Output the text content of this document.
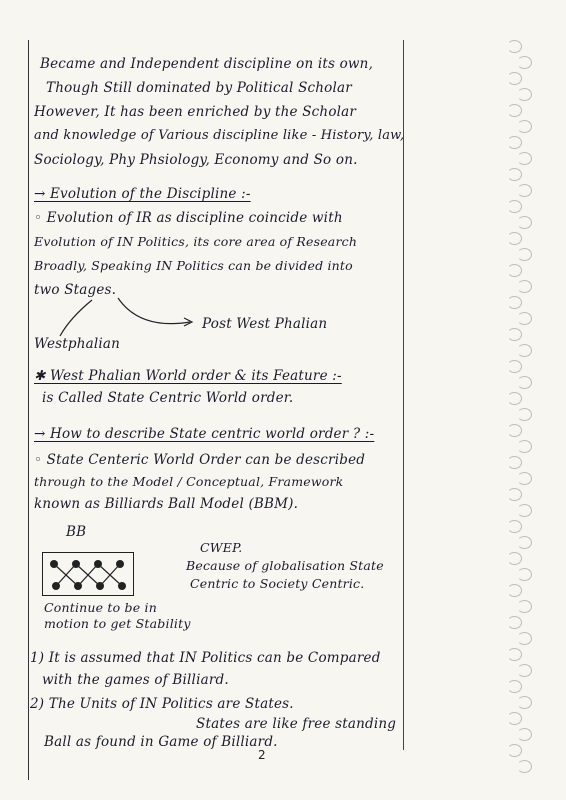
Became and Independent discipline on its own,
Though Still dominated by Political Scholar
However, It has been enriched by the Scholar
and knowledge of Various discipline like - History, law,
Sociology, Phy Phsiology, Economy and So on.
→ Evolution of the Discipline :-
◦ Evolution of IR as discipline coincide with
Evolution of IN Politics, its core area of Research
Broadly, Speaking IN Politics can be divided into
two Stages.
Post West Phalian
Westphalian
✱ West Phalian World order & its Feature :-
is Called State Centric World order.
→ How to describe State centric world order ? :-
◦ State Centeric World Order can be described
through to the Model / Conceptual, Framework
known as Billiards Ball Model (BBM).
BB
CWEP.
Because of globalisation State
Centric to Society Centric.
Continue to be in
motion to get Stability
1) It is assumed that IN Politics can be Compared
with the games of Billiard.
2) The Units of IN Politics are States.
States are like free standing
Ball as found in Game of Billiard.
2
